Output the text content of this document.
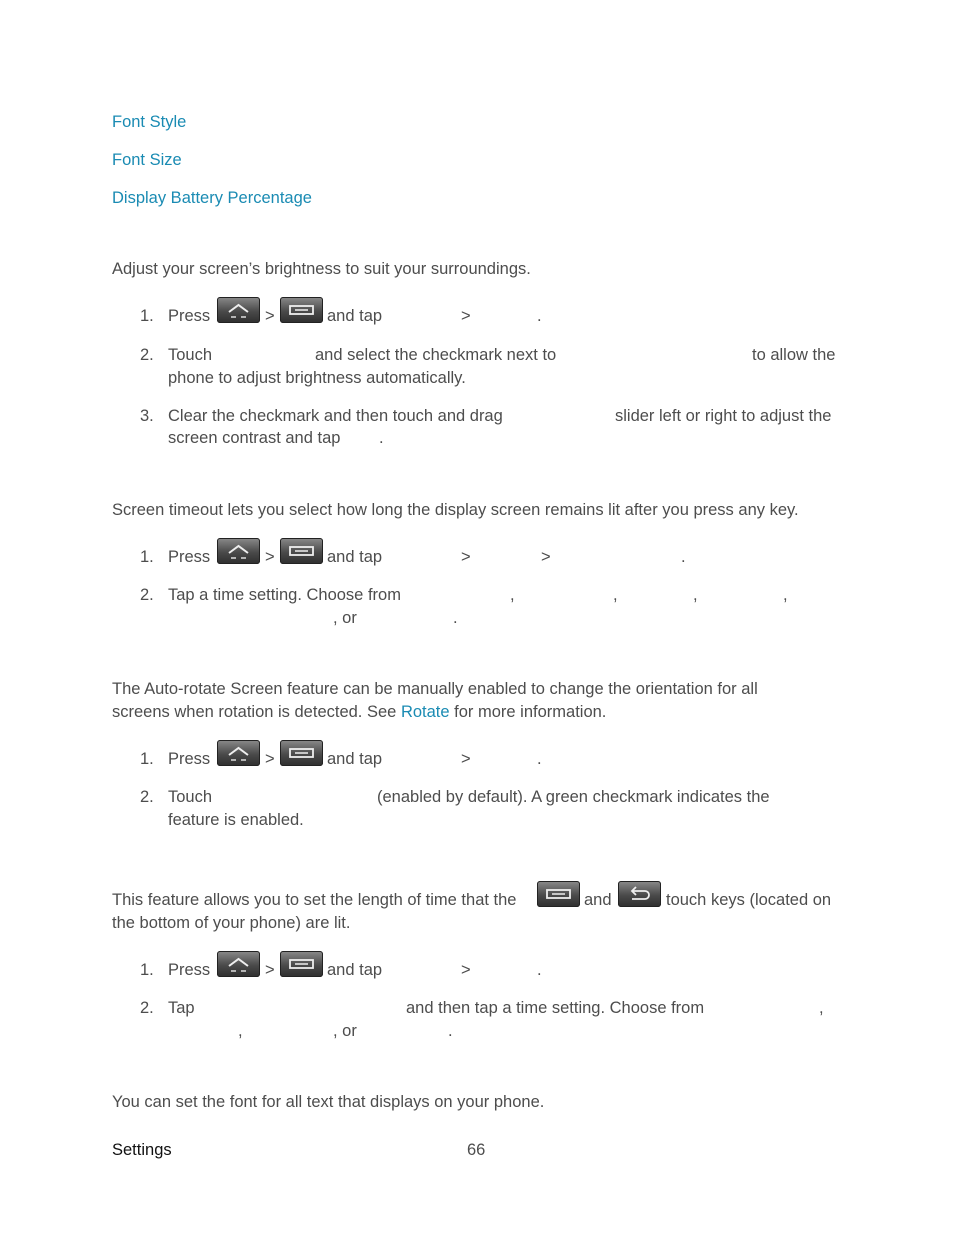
Font Style
Font Size
Display Battery Percentage
Adjust your screen’s brightness to suit your surroundings.
1. Press	>	and tap	>	.
2. Touch	and select the checkmark next to	to allow the
phone to adjust brightness automatically.
3. Clear the checkmark and then touch and drag	slider left or right to adjust the
screen contrast and tap .
Screen timeout lets you select how long the display screen remains lit after you press any key.
1. Press	>	and tap	>	>	.
2. Tap a time setting. Choose from	,	,	,	,
, or	.
The Auto-rotate Screen feature can be manually enabled to change the orientation for all
screens when rotation is detected. See Rotate for more information.
1. Press	>	and tap	>	.
2. Touch	(enabled by default). A green checkmark indicates the
feature is enabled.
This feature allows you to set the length of time that the	and	touch keys (located on
the bottom of your phone) are lit.
1. Press	>	and tap	>	.
2. Tap	and then tap a time setting. Choose from	,
,	, or	.
You can set the font for all text that displays on your phone.
Settings	66
